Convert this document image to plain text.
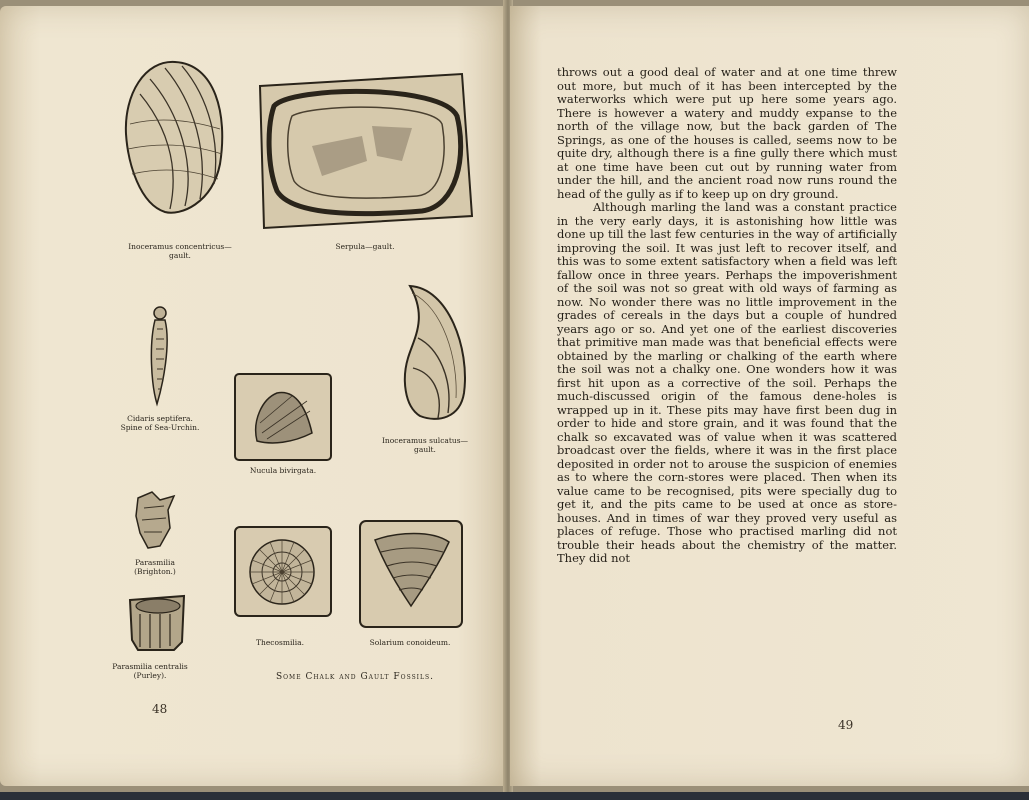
Inoceramus concentricus—
gault.
Serpula—gault.
Cidaris septifera.
Spine of Sea-Urchin.
Inoceramus sulcatus—
gault.
Nucula bivirgata.
Parasmilia
(Brighton.)
Parasmilia centralis
(Purley).
Thecosmilia.	Solarium conoideum.
Some Chalk and Gault Fossils.
48

throws out a good deal of water and at one time threw out more, but much of it has been intercepted by the waterworks which were put up here some years ago. There is however a watery and muddy expanse to the north of the village now, but the back garden of The Springs, as one of the houses is called, seems now to be quite dry, although there is a fine gully there which must at one time have been cut out by running water from under the hill, and the ancient road now runs round the head of the gully as if to keep up on dry ground.

Although marling the land was a constant practice in the very early days, it is astonishing how little was done up till the last few centuries in the way of artificially improving the soil. It was just left to recover itself, and this was to some extent satisfactory when a field was left fallow once in three years. Perhaps the impoverishment of the soil was not so great with old ways of farming as now. No wonder there was no little improvement in the grades of cereals in the days but a couple of hundred years ago or so. And yet one of the earliest discoveries that primitive man made was that beneficial effects were obtained by the marling or chalking of the earth where the soil was not a chalky one. One wonders how it was first hit upon as a corrective of the soil. Perhaps the much-discussed origin of the famous dene-holes is wrapped up in it. These pits may have first been dug in order to hide and store grain, and it was found that the chalk so excavated was of value when it was scattered broadcast over the fields, where it was in the first place deposited in order not to arouse the suspicion of enemies as to where the corn-stores were placed. Then when its value came to be recognised, pits were specially dug to get it, and the pits came to be used at once as store-houses. And in times of war they proved very useful as places of refuge. Those who practised marling did not trouble their heads about the chemistry of the matter. They did not

49
